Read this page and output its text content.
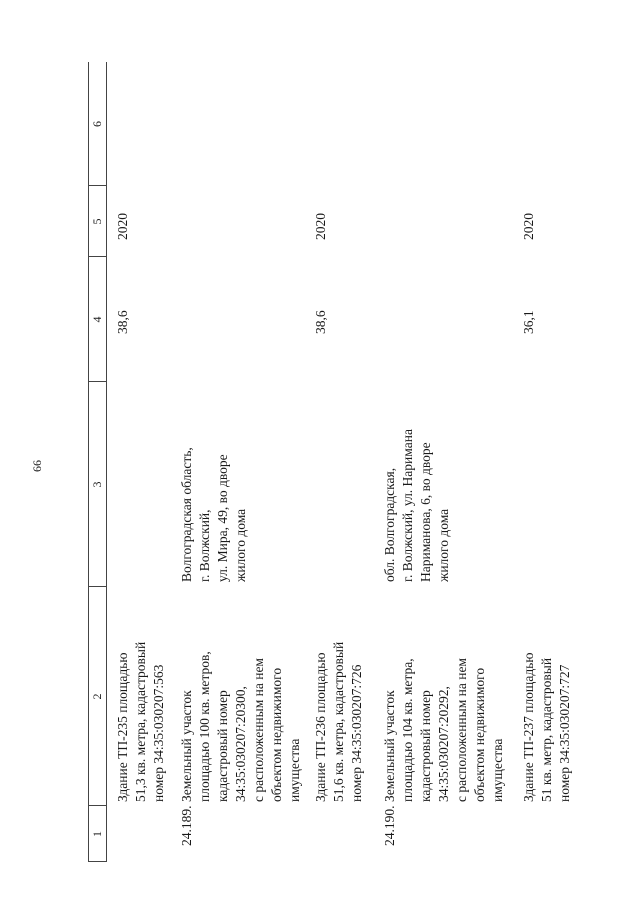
66
1
2
3
4
5
6
Здание ТП-235 площадью 51,3 кв. метра, кадастровый номер 34:35:030207:563
38,6
2020
24.189.
Земельный участок площадью 100 кв. метров, кадастровый номер 34:35:030207:20300, с расположенным на нем объектом недвижимого имущества
Волгоградская область, г. Волжский, ул. Мира, 49, во дворе жилого дома
Здание ТП-236 площадью 51,6 кв. метра, кадастровый номер 34:35:030207:726
38,6
2020
24.190.
Земельный участок площадью 104 кв. метра, кадастровый номер 34:35:030207:20292, с расположенным на нем объектом недвижимого имущества
обл. Волгоградская, г. Волжский, ул. Наримана Нариманова, 6, во дворе жилого дома
Здание ТП-237 площадью 51 кв. метр, кадастровый номер 34:35:030207:727
36,1
2020
